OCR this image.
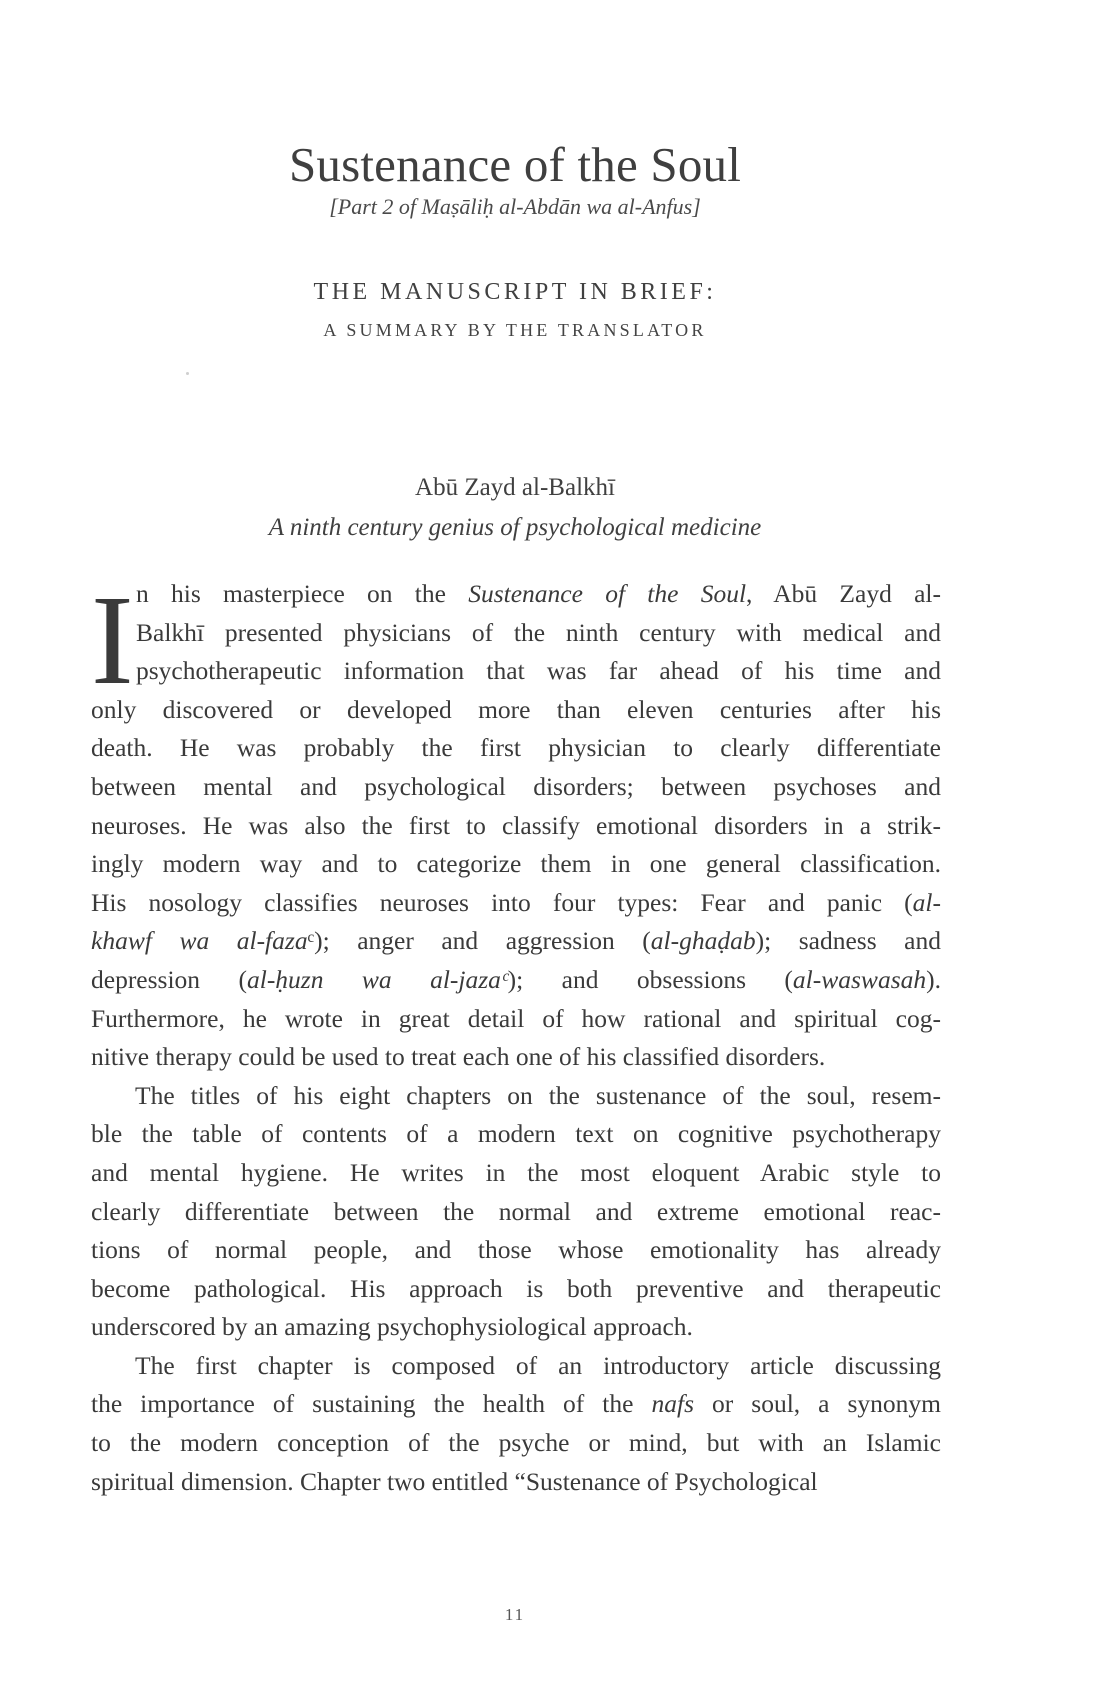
Sustenance of the Soul
[Part 2 of Maṣāliḥ al-Abdān wa al-Anfus]
THE MANUSCRIPT IN BRIEF:
A SUMMARY BY THE TRANSLATOR
Abū Zayd al-Balkhī
A ninth century genius of psychological medicine
I n his masterpiece on the Sustenance of the Soul, Abū Zayd al-
Balkhī presented physicians of the ninth century with medical and
psychotherapeutic information that was far ahead of his time and
only discovered or developed more than eleven centuries after his
death. He was probably the first physician to clearly differentiate
between mental and psychological disorders; between psychoses and
neuroses. He was also the first to classify emotional disorders in a strik-
ingly modern way and to categorize them in one general classification.
His nosology classifies neuroses into four types: Fear and panic (al-
khawf wa al-fazaᶜ); anger and aggression (al-ghaḍab); sadness and
depression (al-ḥuzn wa al-jazaᶜ); and obsessions (al-waswasah).
Furthermore, he wrote in great detail of how rational and spiritual cog-
nitive therapy could be used to treat each one of his classified disorders.
The titles of his eight chapters on the sustenance of the soul, resem-
ble the table of contents of a modern text on cognitive psychotherapy
and mental hygiene. He writes in the most eloquent Arabic style to
clearly differentiate between the normal and extreme emotional reac-
tions of normal people, and those whose emotionality has already
become pathological. His approach is both preventive and therapeutic
underscored by an amazing psychophysiological approach.
The first chapter is composed of an introductory article discussing
the importance of sustaining the health of the nafs or soul, a synonym
to the modern conception of the psyche or mind, but with an Islamic
spiritual dimension. Chapter two entitled “Sustenance of Psychological
11
